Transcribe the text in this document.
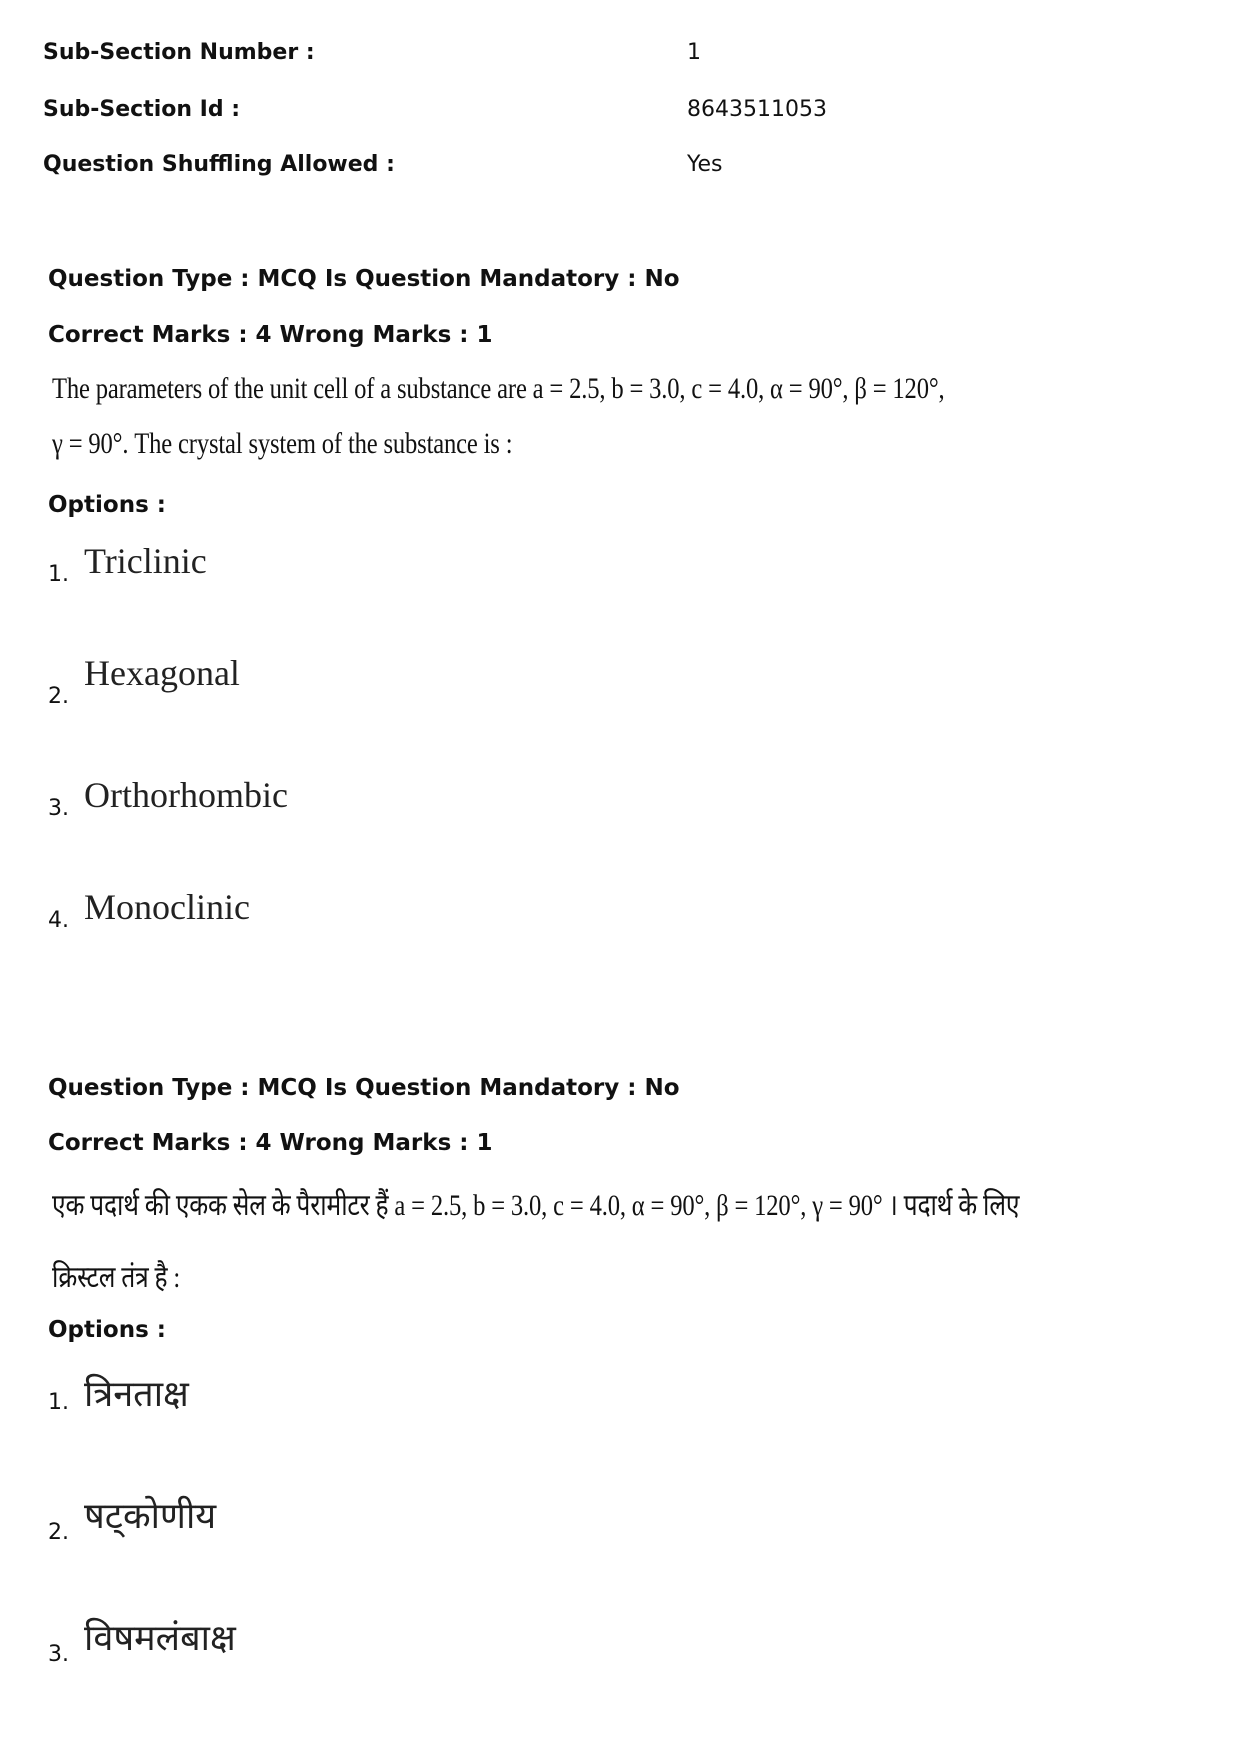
Sub-Section Number :	1
Sub-Section Id :	8643511053
Question Shuffling Allowed :	Yes
Question Type : MCQ Is Question Mandatory : No
Correct Marks : 4 Wrong Marks : 1
The parameters of the unit cell of a substance are a = 2.5, b = 3.0, c = 4.0, α = 90°, β = 120°,
γ = 90°. The crystal system of the substance is :
Options :
1. Triclinic
2.
Hexagonal
3. Orthorhombic
4. Monoclinic
Question Type : MCQ Is Question Mandatory : No
Correct Marks : 4 Wrong Marks : 1
एक पदार्थ की एकक सेल के पैरामीटर हैं a = 2.5, b = 3.0, c = 4.0, α = 90°, β = 120°, γ = 90° । पदार्थ के लिए
क्रिस्टल तंत्र है :
Options :
1. त्रिनताक्ष
2. षट्कोणीय
3. विषमलंबाक्ष
